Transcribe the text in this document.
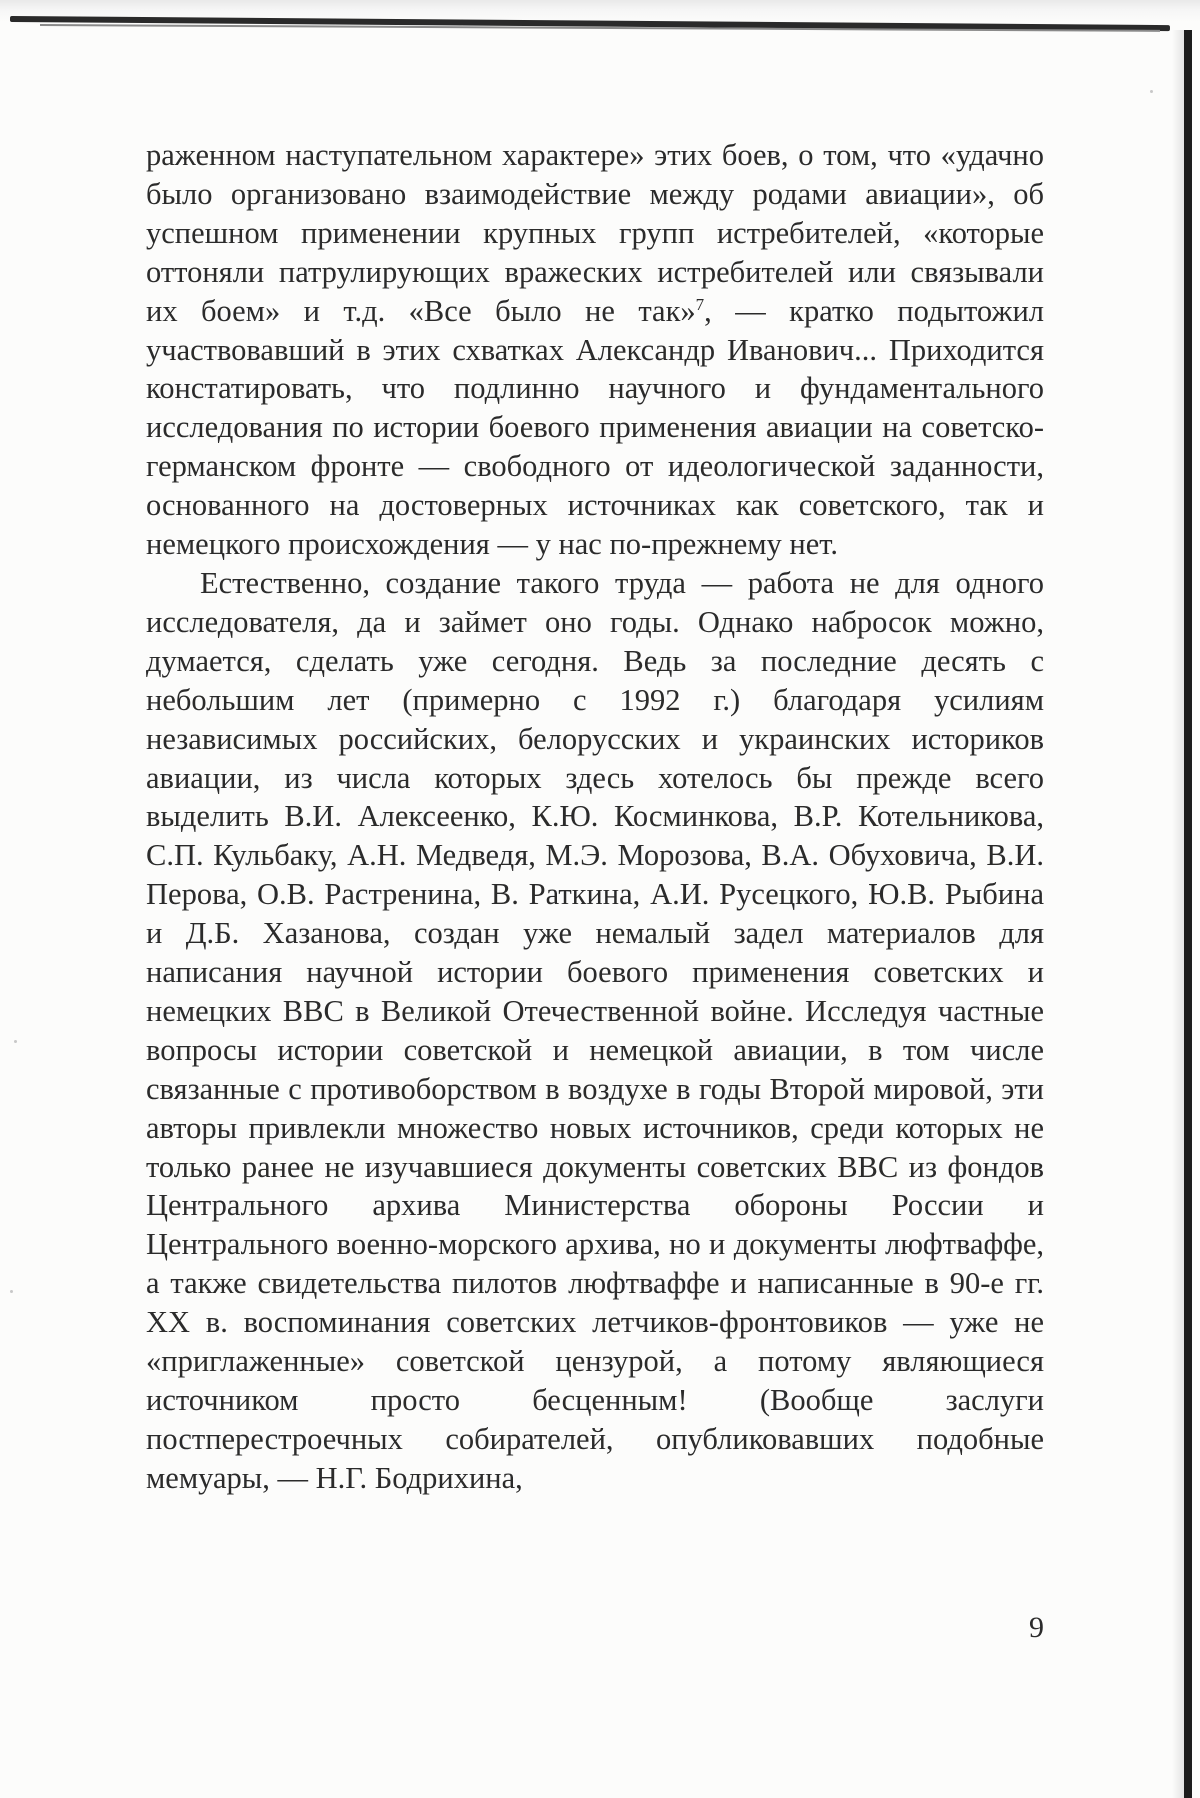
раженном наступательном характере» этих боев, о том, что «удачно было организовано взаимодействие между родами авиации», об успешном применении крупных групп истребителей, «которые оттоняли патрулирующих вражеских истребителей или связывали их боем» и т.д. «Все было не так»$^7$, — кратко подытожил участвовавший в этих схватках Александр Иванович... Приходится констатировать, что подлинно научного и фундаментального исследования по истории боевого применения авиации на советско-германском фронте — свободного от идеологической заданности, основанного на достоверных источниках как советского, так и немецкого происхождения — у нас по-прежнему нет.

Естественно, создание такого труда — работа не для одного исследователя, да и займет оно годы. Однако набросок можно, думается, сделать уже сегодня. Ведь за последние десять с небольшим лет (примерно с 1992 г.) благодаря усилиям независимых российских, белорусских и украинских историков авиации, из числа которых здесь хотелось бы прежде всего выделить В.И. Алексеенко, К.Ю. Косминкова, В.Р. Котельникова, С.П. Кульбаку, А.Н. Медведя, М.Э. Морозова, В.А. Обуховича, В.И. Перова, О.В. Растренина, В. Раткина, А.И. Русецкого, Ю.В. Рыбина и Д.Б. Хазанова, создан уже немалый задел материалов для написания научной истории боевого применения советских и немецких ВВС в Великой Отечественной войне. Исследуя частные вопросы истории советской и немецкой авиации, в том числе связанные с противоборством в воздухе в годы Второй мировой, эти авторы привлекли множество новых источников, среди которых не только ранее не изучавшиеся документы советских ВВС из фондов Центрального архива Министерства обороны России и Центрального военно-морского архива, но и документы люфтваффе, а также свидетельства пилотов люфтваффе и написанные в 90-е гг. XX в. воспоминания советских летчиков-фронтовиков — уже не «приглаженные» советской цензурой, а потому являющиеся источником просто бесценным! (Вообще заслуги постперестроечных собирателей, опубликовавших подобные мемуары, — Н.Г. Бодрихина,

9
